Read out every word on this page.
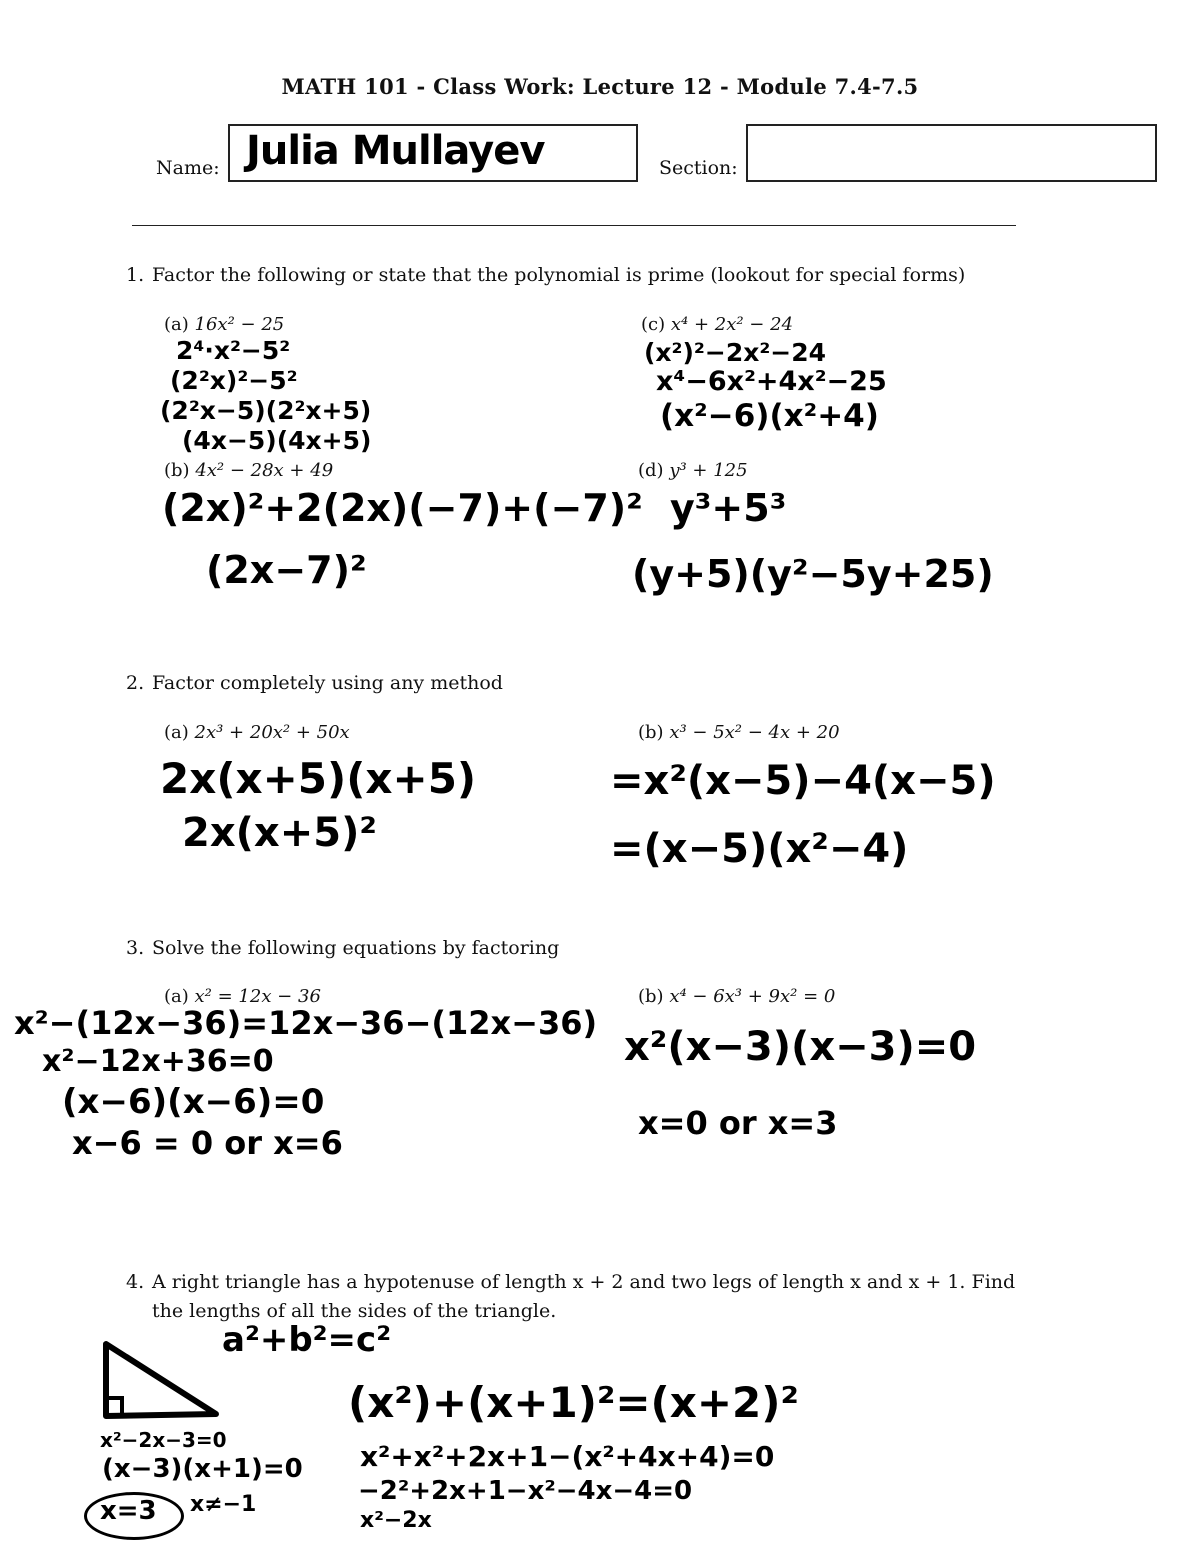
MATH 101 - Class Work: Lecture 12 - Module 7.4-7.5
Name: Julia Mullayev	Section:
1. Factor the following or state that the polynomial is prime (lookout for special forms)
(a) 16x² − 25
2⁴·x²−5²
(2²x)²−5²
(2²x−5)(2²x+5)
(4x−5)(4x+5)
(b) 4x² − 28x + 49
(2x)²+2(2x)(−7)+(−7)²
(2x−7)²
(c) x⁴ + 2x² − 24
(x²)²−2x²−24
x⁴−6x²+4x²−25
(x²−6)(x²+4)
(d) y³ + 125
y³+5³
(y+5)(y²−5y+25)
2. Factor completely using any method
(a) 2x³ + 20x² + 50x
2x(x+5)(x+5)
2x(x+5)²
(b) x³ − 5x² − 4x + 20
=x²(x−5)−4(x−5)
=(x−5)(x²−4)
3. Solve the following equations by factoring
(a) x² = 12x − 36
x²−(12x−36)=12x−36−(12x−36)
x²−12x+36=0
(x−6)(x−6)=0
x−6 = 0 or x=6
(b) x⁴ − 6x³ + 9x² = 0
x²(x−3)(x−3)=0
x=0 or x=3
4. A right triangle has a hypotenuse of length x + 2 and two legs of length x and x + 1. Find
the lengths of all the sides of the triangle.
a²+b²=c²
x²−2x−3=0
(x−3)(x+1)=0
x=3 x≠−1
(x²)+(x+1)²=(x+2)²
x²+x²+2x+1−(x²+4x+4)=0
−2²+2x+1−x²−4x−4=0
x²−2x
